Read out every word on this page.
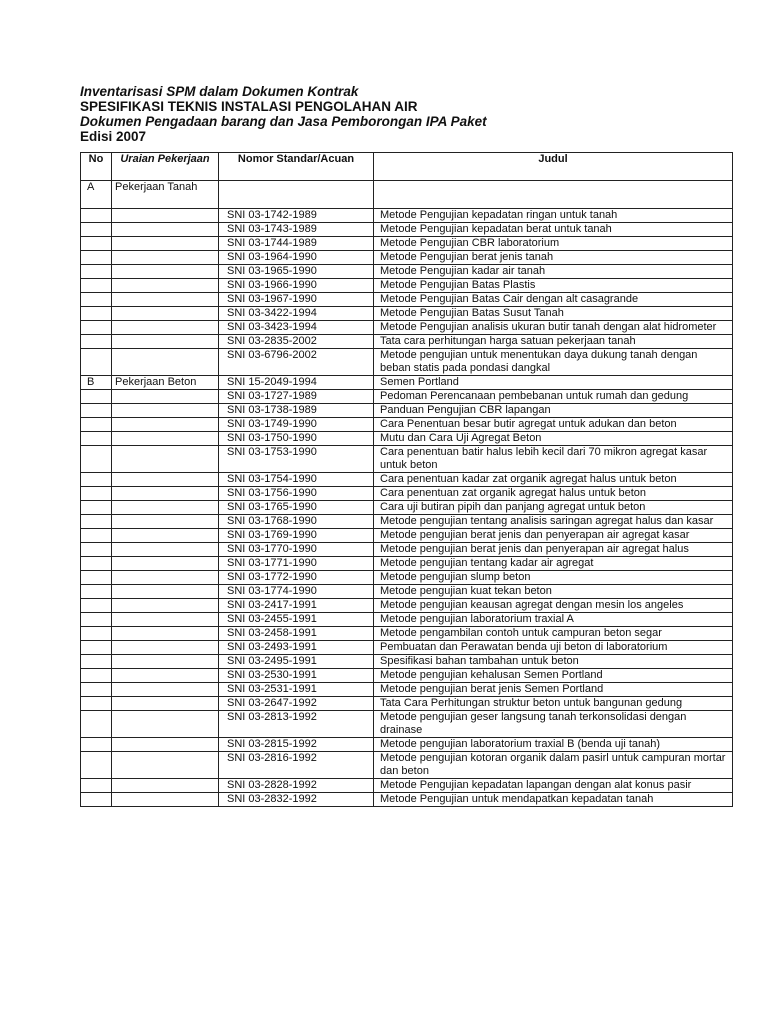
Inventarisasi SPM dalam Dokumen Kontrak
SPESIFIKASI TEKNIS INSTALASI PENGOLAHAN AIR
Dokumen Pengadaan barang dan Jasa Pemborongan IPA Paket
Edisi 2007
No	Uraian Pekerjaan	Nomor Standar/Acuan	Judul
A	Pekerjaan Tanah		
		SNI 03-1742-1989	Metode Pengujian kepadatan ringan untuk tanah
		SNI 03-1743-1989	Metode Pengujian kepadatan berat untuk tanah
		SNI 03-1744-1989	Metode Pengujian CBR laboratorium
		SNI 03-1964-1990	Metode Pengujian berat jenis tanah
		SNI 03-1965-1990	Metode Pengujian kadar air tanah
		SNI 03-1966-1990	Metode Pengujian Batas Plastis
		SNI 03-1967-1990	Metode Pengujian Batas Cair dengan alt casagrande
		SNI 03-3422-1994	Metode Pengujian Batas Susut Tanah
		SNI 03-3423-1994	Metode Pengujian analisis ukuran butir tanah dengan alat hidrometer
		SNI 03-2835-2002	Tata cara perhitungan harga satuan pekerjaan tanah
		SNI 03-6796-2002	Metode pengujian untuk menentukan daya dukung tanah dengan beban statis pada pondasi dangkal
B	Pekerjaan Beton	SNI 15-2049-1994	Semen Portland
		SNI 03-1727-1989	Pedoman Perencanaan pembebanan untuk rumah dan gedung
		SNI 03-1738-1989	Panduan Pengujian CBR lapangan
		SNI 03-1749-1990	Cara Penentuan besar butir agregat untuk adukan dan beton
		SNI 03-1750-1990	Mutu dan Cara Uji Agregat Beton
		SNI 03-1753-1990	Cara penentuan batir halus lebih kecil dari 70 mikron agregat kasar untuk beton
		SNI 03-1754-1990	Cara penentuan kadar zat organik agregat halus untuk beton
		SNI 03-1756-1990	Cara penentuan zat organik agregat halus untuk beton
		SNI 03-1765-1990	Cara uji butiran pipih dan panjang agregat untuk beton
		SNI 03-1768-1990	Metode pengujian tentang analisis saringan agregat halus dan kasar
		SNI 03-1769-1990	Metode pengujian berat jenis dan penyerapan air agregat kasar
		SNI 03-1770-1990	Metode pengujian berat jenis dan penyerapan air agregat halus
		SNI 03-1771-1990	Metode pengujian tentang kadar air agregat
		SNI 03-1772-1990	Metode pengujian slump beton
		SNI 03-1774-1990	Metode pengujian kuat tekan beton
		SNI 03-2417-1991	Metode pengujian keausan agregat dengan mesin los angeles
		SNI 03-2455-1991	Metode pengujian laboratorium traxial A
		SNI 03-2458-1991	Metode pengambilan contoh untuk campuran beton segar
		SNI 03-2493-1991	Pembuatan dan Perawatan benda uji beton di laboratorium
		SNI 03-2495-1991	Spesifikasi bahan tambahan untuk beton
		SNI 03-2530-1991	Metode pengujian kehalusan Semen Portland
		SNI 03-2531-1991	Metode pengujian berat jenis Semen Portland
		SNI 03-2647-1992	Tata Cara Perhitungan struktur beton untuk bangunan gedung
		SNI 03-2813-1992	Metode pengujian geser langsung tanah terkonsolidasi dengan drainase
		SNI 03-2815-1992	Metode pengujian laboratorium traxial B (benda uji tanah)
		SNI 03-2816-1992	Metode pengujian kotoran organik dalam pasirl untuk campuran mortar dan beton
		SNI 03-2828-1992	Metode Pengujian kepadatan lapangan dengan alat konus pasir
		SNI 03-2832-1992	Metode Pengujian untuk mendapatkan kepadatan tanah
